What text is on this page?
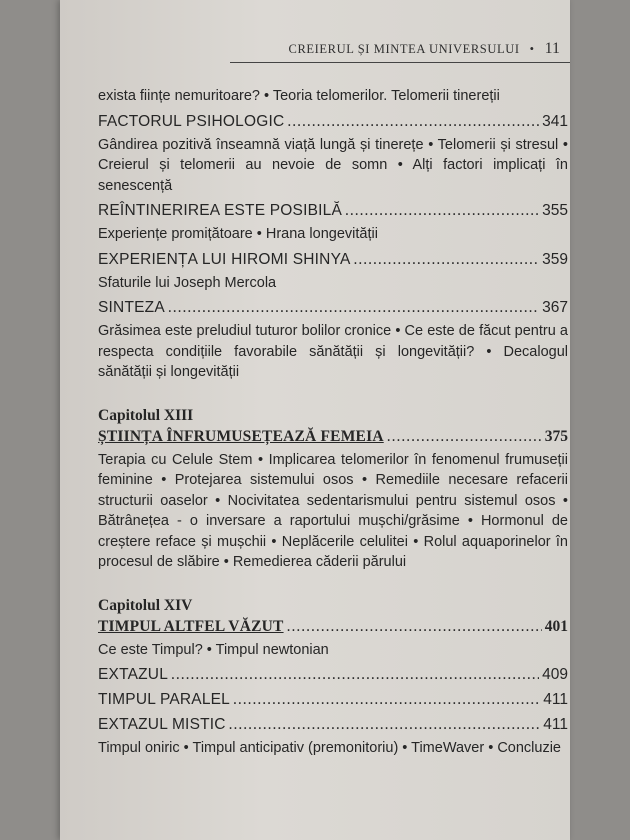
CREIERUL ȘI MINTEA UNIVERSULUI • 11
exista ființe nemuritoare? • Teoria telomerilor. Telomerii tinereții
FACTORUL PSIHOLOGIC .....	341
Gândirea pozitivă înseamnă viață lungă și tinerețe • Telomerii și stresul • Creierul și telomerii au nevoie de somn • Alți factori implicați în senescență
REÎNTINERIREA ESTE POSIBILĂ .....	355
Experiențe promițătoare • Hrana longevității
EXPERIENȚA LUI HIROMI SHINYA .....	359
Sfaturile lui Joseph Mercola
SINTEZA .....	367
Grăsimea este preludiul tuturor bolilor cronice • Ce este de făcut pentru a respecta condițiile favorabile sănătății și longevității? • Decalogul sănătății și longevității
Capitolul XIII
ȘTIINȚA ÎNFRUMUSEȚEAZĂ FEMEIA .....	375
Terapia cu Celule Stem • Implicarea telomerilor în fenomenul frumuseții feminine • Protejarea sistemului osos • Remediile necesare refacerii structurii oaselor • Nocivitatea sedentarismului pentru sistemul osos • Bătrânețea - o inversare a raportului mușchi/grăsime • Hormonul de creștere reface și mușchii • Neplăcerile celulitei • Rolul aquaporinelor în procesul de slăbire • Remedierea căderii părului
Capitolul XIV
TIMPUL ALTFEL VĂZUT .....	401
Ce este Timpul? • Timpul newtonian
EXTAZUL .....	409
TIMPUL PARALEL .....	411
EXTAZUL MISTIC .....	411
Timpul oniric • Timpul anticipativ (premonitoriu) • TimeWaver • Concluzie
